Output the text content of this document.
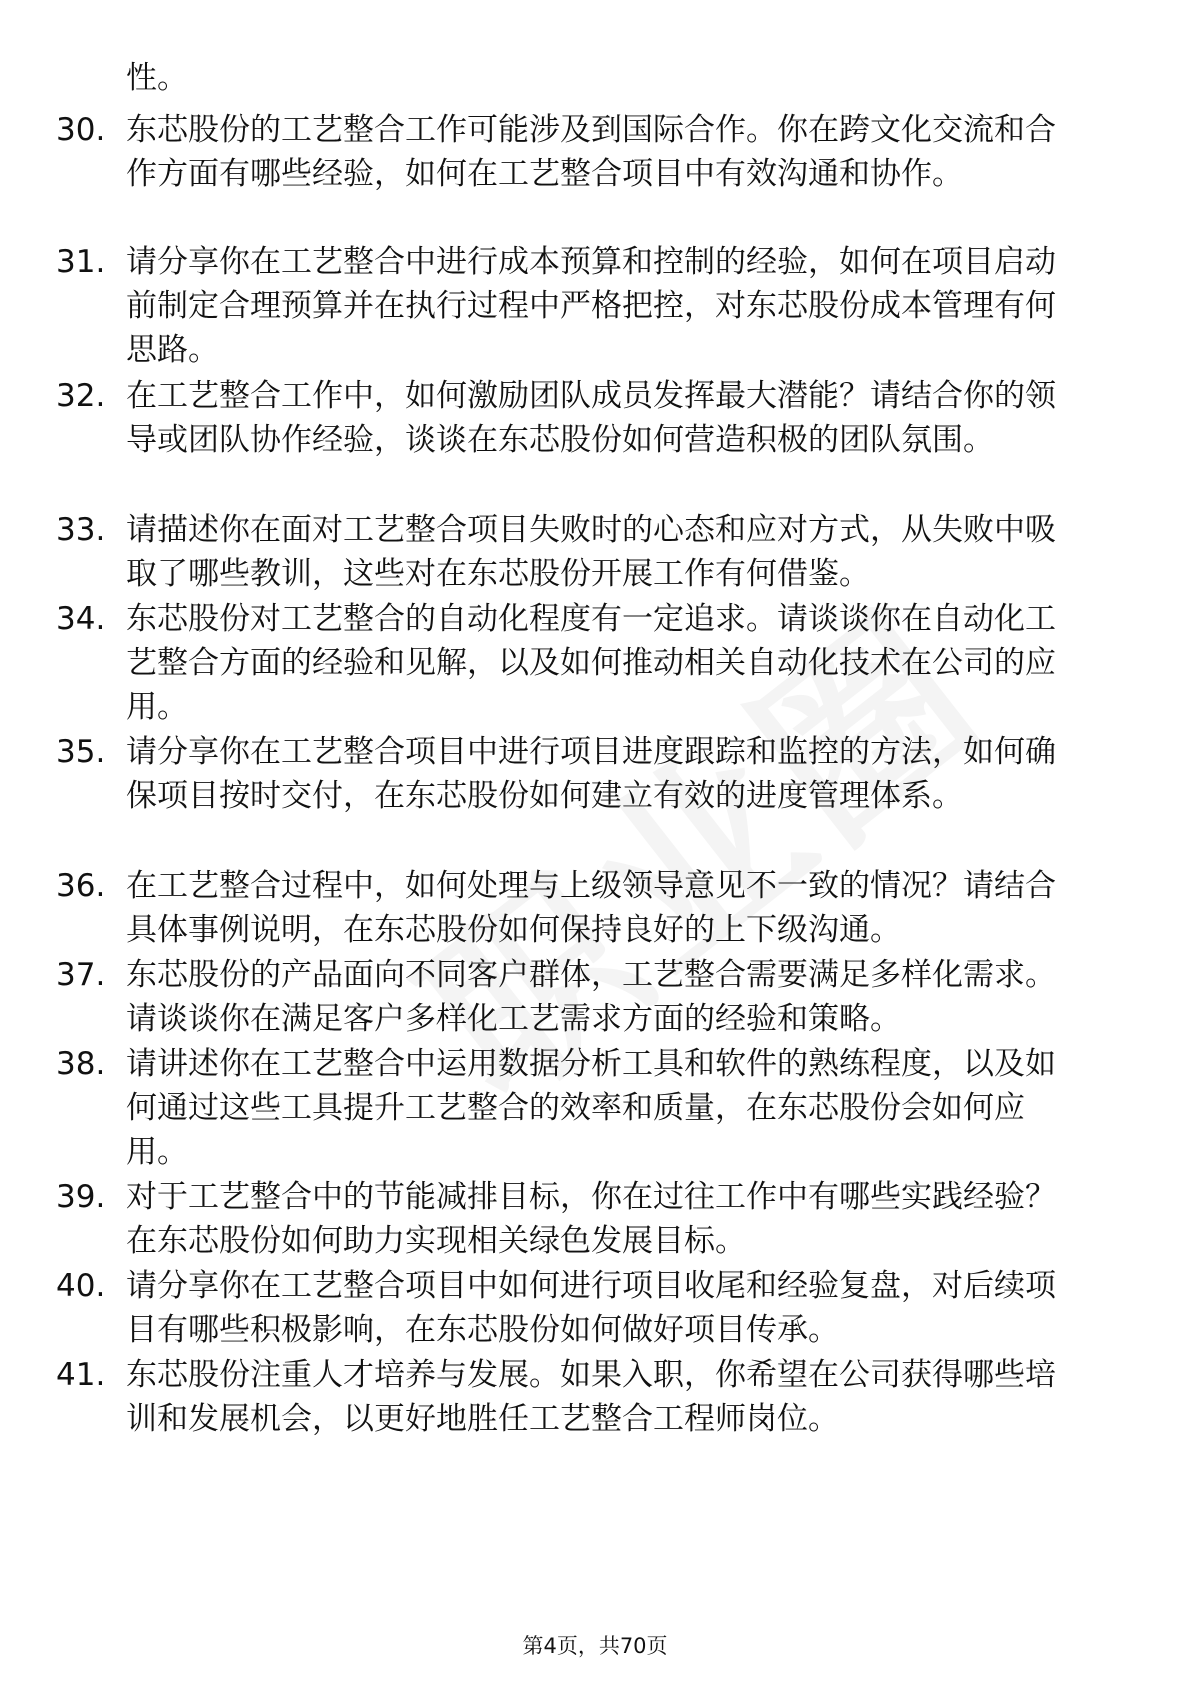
性。
30. 东芯股份的工艺整合工作可能涉及到国际合作。你在跨文化交流和合作方面有哪些经验，如何在工艺整合项目中有效沟通和协作。
31. 请分享你在工艺整合中进行成本预算和控制的经验，如何在项目启动前制定合理预算并在执行过程中严格把控，对东芯股份成本管理有何思路。
32. 在工艺整合工作中，如何激励团队成员发挥最大潜能？请结合你的领导或团队协作经验，谈谈在东芯股份如何营造积极的团队氛围。
33. 请描述你在面对工艺整合项目失败时的心态和应对方式，从失败中吸取了哪些教训，这些对在东芯股份开展工作有何借鉴。
34. 东芯股份对工艺整合的自动化程度有一定追求。请谈谈你在自动化工艺整合方面的经验和见解，以及如何推动相关自动化技术在公司的应用。
35. 请分享你在工艺整合项目中进行项目进度跟踪和监控的方法，如何确保项目按时交付，在东芯股份如何建立有效的进度管理体系。
36. 在工艺整合过程中，如何处理与上级领导意见不一致的情况？请结合具体事例说明，在东芯股份如何保持良好的上下级沟通。
37. 东芯股份的产品面向不同客户群体，工艺整合需要满足多样化需求。请谈谈你在满足客户多样化工艺需求方面的经验和策略。
38. 请讲述你在工艺整合中运用数据分析工具和软件的熟练程度，以及如何通过这些工具提升工艺整合的效率和质量，在东芯股份会如何应用。
39. 对于工艺整合中的节能减排目标，你在过往工作中有哪些实践经验？在东芯股份如何助力实现相关绿色发展目标。
40. 请分享你在工艺整合项目中如何进行项目收尾和经验复盘，对后续项目有哪些积极影响，在东芯股份如何做好项目传承。
41. 东芯股份注重人才培养与发展。如果入职，你希望在公司获得哪些培训和发展机会，以更好地胜任工艺整合工程师岗位。
第4页，共70页
